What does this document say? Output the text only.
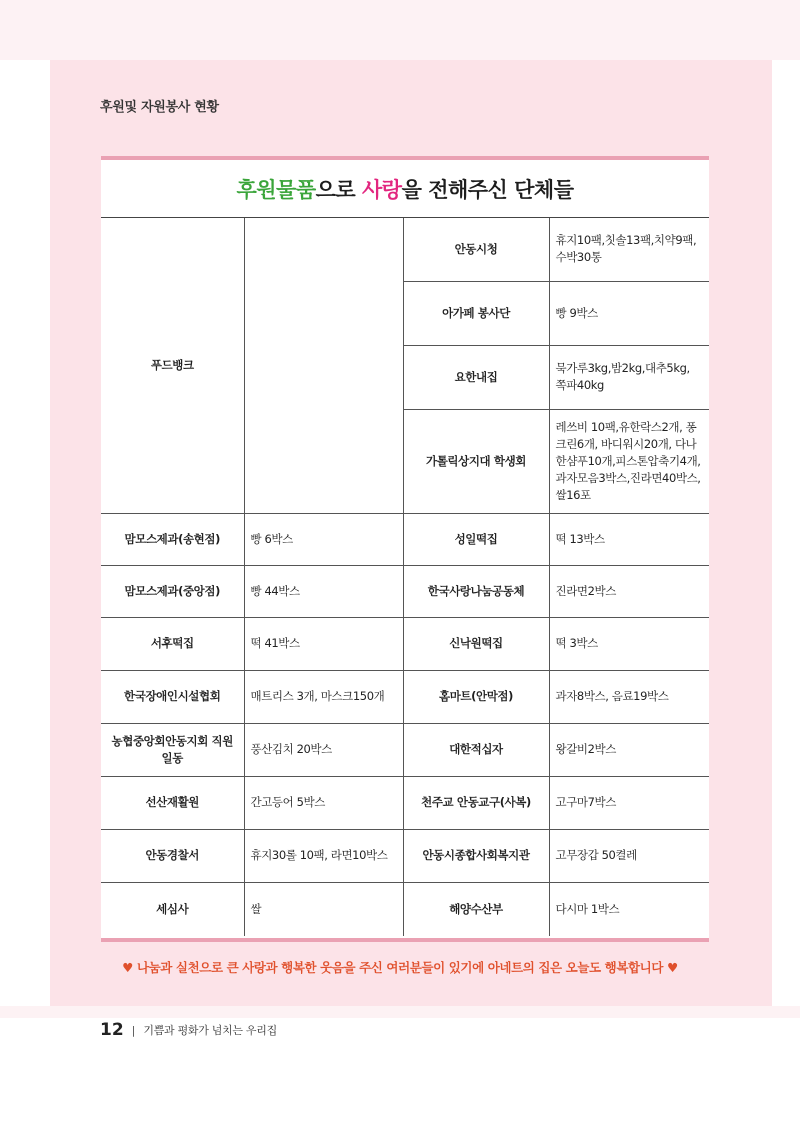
후원및 자원봉사 현황
후원물품 으로 사랑 을 전해주신 단체들
푸드뱅크		안동시청	휴지10팩,칫솔13팩,치약9팩, 수박30통
		아가페 봉사단	빵 9박스
		요한내집	묵가루3kg,밤2kg,대추5kg, 쪽파40kg
		가톨릭상지대 학생회	레쓰비 10팩,유한락스2개, 퐁크린6개, 바디워시20개, 다나한샴푸10개,피스톤압축기4개, 과자모음3박스,진라면40박스, 쌀16포
맘모스제과(송현점)	빵 6박스	성일떡집	떡 13박스
맘모스제과(중앙점)	빵 44박스	한국사랑나눔공동체	진라면2박스
서후떡집	떡 41박스	신낙원떡집	떡 3박스
한국장애인시설협회	매트리스 3개, 마스크150개	홈마트(안막점)	과자8박스, 음료19박스
농협중앙회안동지회 직원일동	풍산김치 20박스	대한적십자	왕갈비2박스
선산재활원	간고등어 5박스	천주교 안동교구(사복)	고구마7박스
안동경찰서	휴지30롤 10팩, 라면10박스	안동시종합사회복지관	고무장갑 50켤레
세심사	쌀	해양수산부	다시마 1박스
♥ 나눔과 실천으로 큰 사랑과 행복한 웃음을 주신 여러분들이 있기에 아네트의 집은 오늘도 행복합니다 ♥
12 | 기쁨과 평화가 넘치는 우리집
